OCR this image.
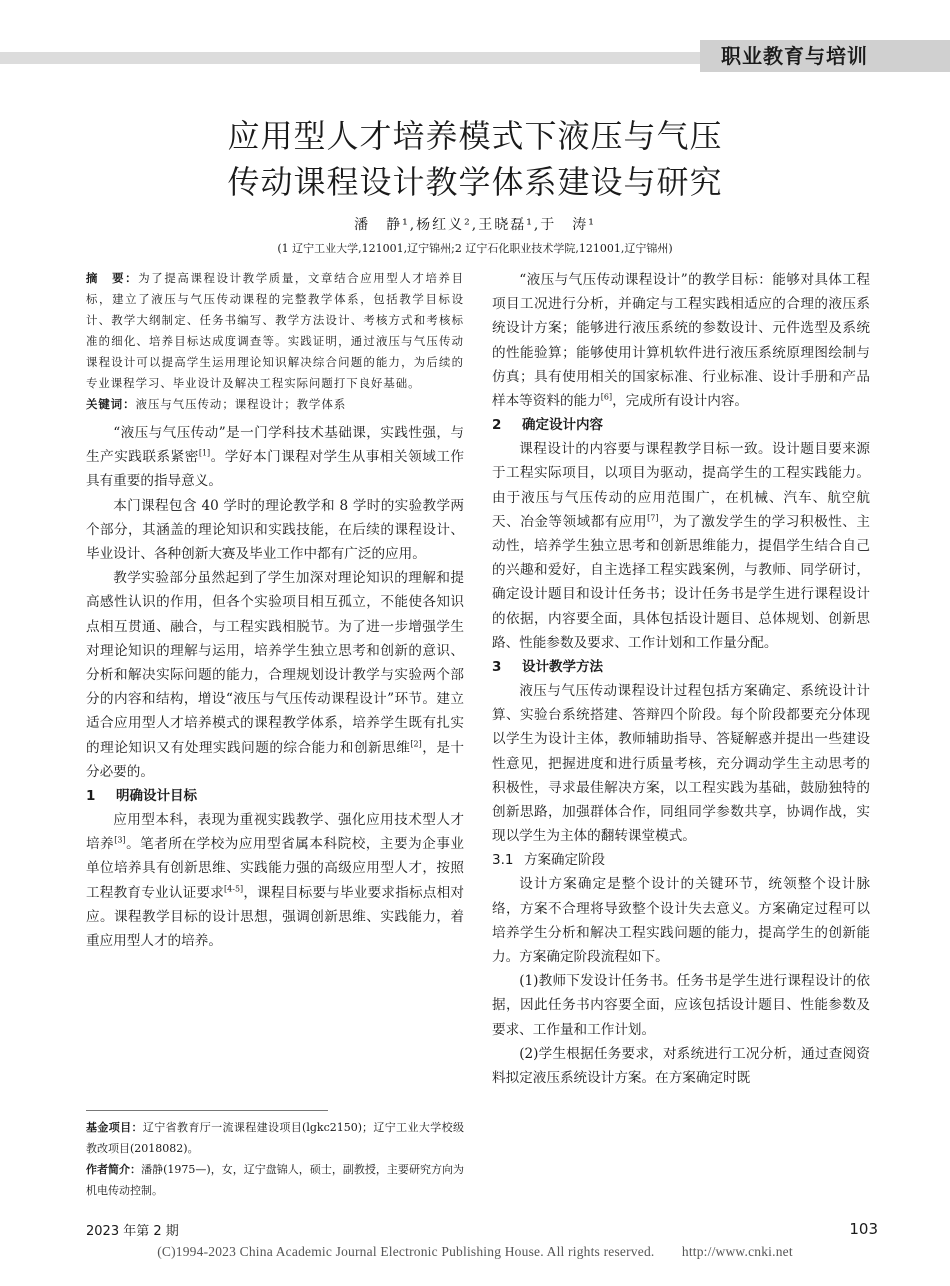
职业教育与培训
应用型人才培养模式下液压与气压
传动课程设计教学体系建设与研究
潘　静¹,杨红义²,王晓磊¹,于　涛¹
(1 辽宁工业大学,121001,辽宁锦州;2 辽宁石化职业技术学院,121001,辽宁锦州)
摘　要：为了提高课程设计教学质量，文章结合应用型人才培养目标，建立了液压与气压传动课程的完整教学体系，包括教学目标设计、教学大纲制定、任务书编写、教学方法设计、考核方式和考核标准的细化、培养目标达成度调查等。实践证明，通过液压与气压传动课程设计可以提高学生运用理论知识解决综合问题的能力，为后续的专业课程学习、毕业设计及解决工程实际问题打下良好基础。
关键词：液压与气压传动；课程设计；教学体系

“液压与气压传动”是一门学科技术基础课，实践性强，与生产实践联系紧密[1]。学好本门课程对学生从事相关领域工作具有重要的指导意义。

本门课程包含 40 学时的理论教学和 8 学时的实验教学两个部分，其涵盖的理论知识和实践技能，在后续的课程设计、毕业设计、各种创新大赛及毕业工作中都有广泛的应用。

教学实验部分虽然起到了学生加深对理论知识的理解和提高感性认识的作用，但各个实验项目相互孤立，不能使各知识点相互贯通、融合，与工程实践相脱节。为了进一步增强学生对理论知识的理解与运用，培养学生独立思考和创新的意识、分析和解决实际问题的能力，合理规划设计教学与实验两个部分的内容和结构，增设“液压与气压传动课程设计”环节。建立适合应用型人才培养模式的课程教学体系，培养学生既有扎实的理论知识又有处理实践问题的综合能力和创新思维[2]，是十分必要的。

1 明确设计目标

应用型本科，表现为重视实践教学、强化应用技术型人才培养[3]。笔者所在学校为应用型省属本科院校，主要为企事业单位培养具有创新思维、实践能力强的高级应用型人才，按照工程教育专业认证要求[4-5]，课程目标要与毕业要求指标点相对应。课程教学目标的设计思想，强调创新思维、实践能力，着重应用型人才的培养。

“液压与气压传动课程设计”的教学目标：能够对具体工程项目工况进行分析，并确定与工程实践相适应的合理的液压系统设计方案；能够进行液压系统的参数设计、元件选型及系统的性能验算；能够使用计算机软件进行液压系统原理图绘制与仿真；具有使用相关的国家标准、行业标准、设计手册和产品样本等资料的能力[6]，完成所有设计内容。

2 确定设计内容

课程设计的内容要与课程教学目标一致。设计题目要来源于工程实际项目，以项目为驱动，提高学生的工程实践能力。由于液压与气压传动的应用范围广，在机械、汽车、航空航天、冶金等领域都有应用[7]，为了激发学生的学习积极性、主动性，培养学生独立思考和创新思维能力，提倡学生结合自己的兴趣和爱好，自主选择工程实践案例，与教师、同学研讨，确定设计题目和设计任务书；设计任务书是学生进行课程设计的依据，内容要全面，具体包括设计题目、总体规划、创新思路、性能参数及要求、工作计划和工作量分配。

3 设计教学方法

液压与气压传动课程设计过程包括方案确定、系统设计计算、实验台系统搭建、答辩四个阶段。每个阶段都要充分体现以学生为设计主体，教师辅助指导、答疑解惑并提出一些建设性意见，把握进度和进行质量考核，充分调动学生主动思考的积极性，寻求最佳解决方案，以工程实践为基础，鼓励独特的创新思路，加强群体合作，同组同学参数共享，协调作战，实现以学生为主体的翻转课堂模式。

3.1 方案确定阶段

设计方案确定是整个设计的关键环节，统领整个设计脉络，方案不合理将导致整个设计失去意义。方案确定过程可以培养学生分析和解决工程实践问题的能力，提高学生的创新能力。方案确定阶段流程如下。

(1)教师下发设计任务书。任务书是学生进行课程设计的依据，因此任务书内容要全面，应该包括设计题目、性能参数及要求、工作量和工作计划。

(2)学生根据任务要求，对系统进行工况分析，通过查阅资料拟定液压系统设计方案。在方案确定时既

基金项目：辽宁省教育厅一流课程建设项目(lgkc2150)；辽宁工业大学校级教改项目(2018082)。
作者简介：潘静(1975—)，女，辽宁盘锦人，硕士，副教授，主要研究方向为机电传动控制。
2023 年第 2 期	103
(C)1994-2023 China Academic Journal Electronic Publishing House. All rights reserved.　　http://www.cnki.net
